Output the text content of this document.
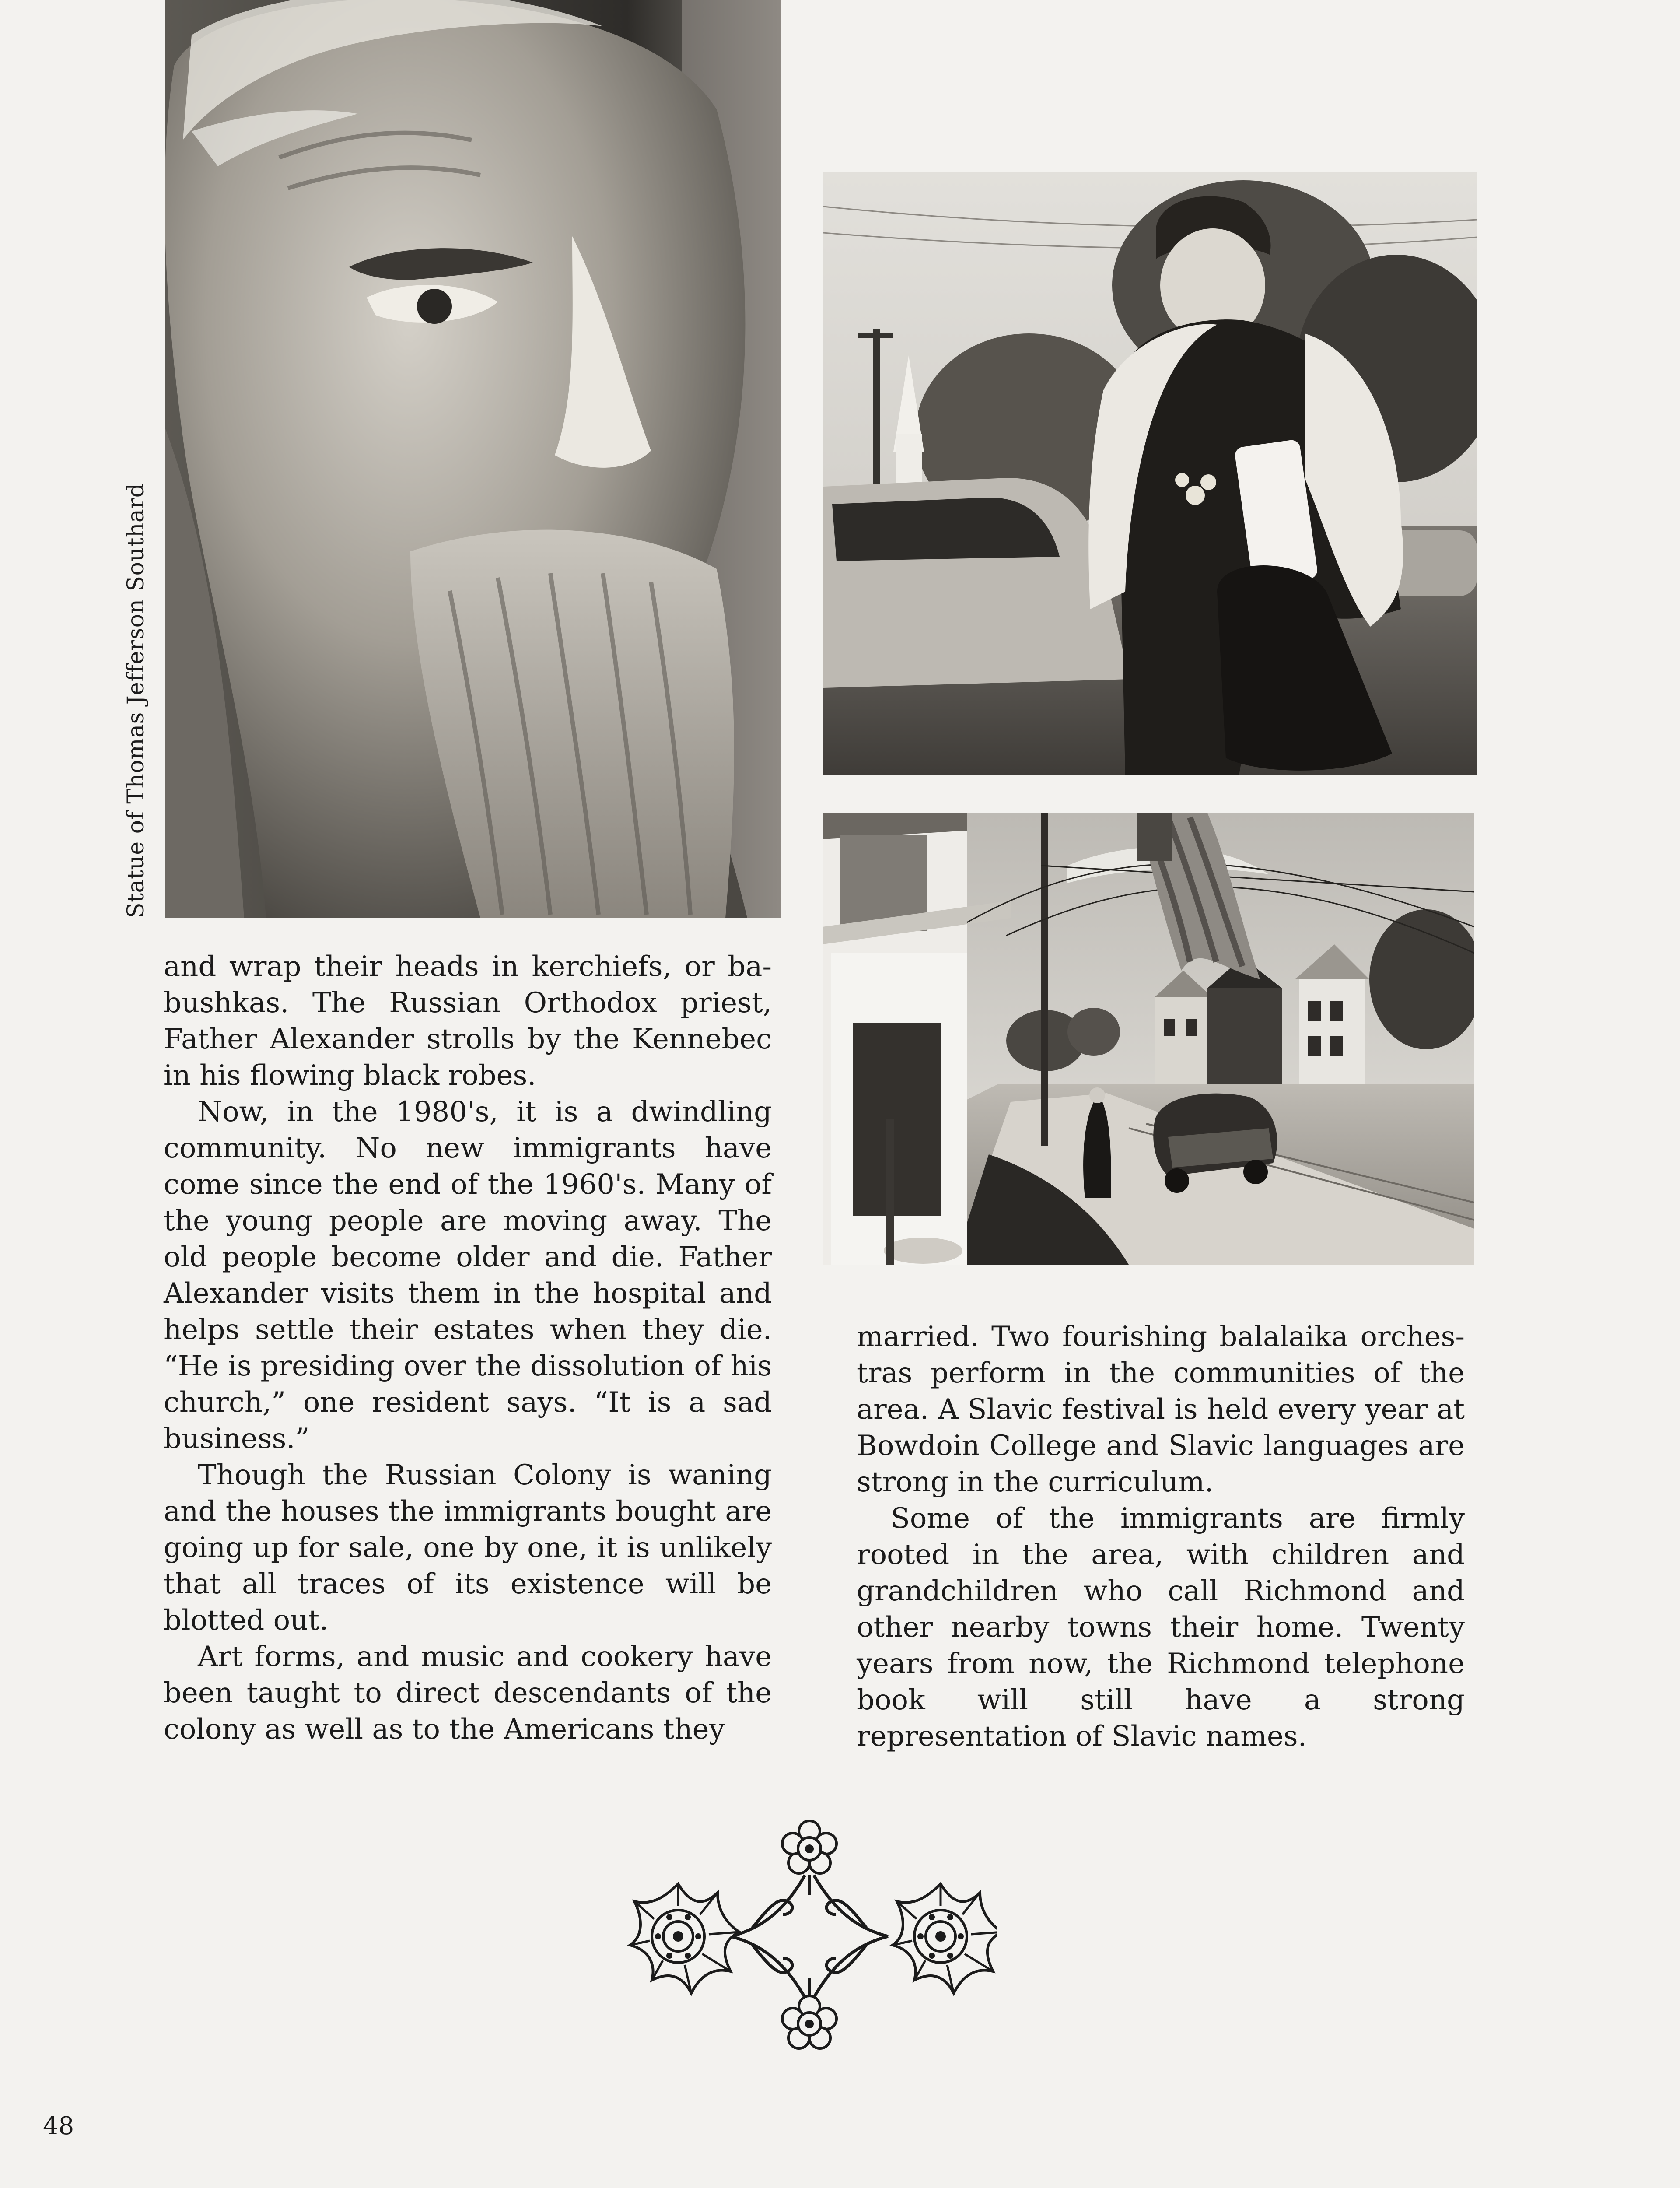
Statue of Thomas Jefferson Southard

and wrap their heads in kerchiefs, or babushkas. The Russian Orthodox priest, Father Alexander strolls by the Kennebec in his flowing black robes.

Now, in the 1980's, it is a dwindling community. No new immigrants have come since the end of the 1960's. Many of the young people are moving away. The old people become older and die. Father Alexander visits them in the hospital and helps settle their estates when they die. “He is presiding over the dissolution of his church,” one resident says. “It is a sad business.”

Though the Russian Colony is waning and the houses the immigrants bought are going up for sale, one by one, it is unlikely that all traces of its existence will be blotted out.

Art forms, and music and cookery have been taught to direct descendants of the colony as well as to the Americans they

married. Two fourishing balalaika orchestras perform in the communities of the area. A Slavic festival is held every year at Bowdoin College and Slavic languages are strong in the curriculum.

Some of the immigrants are firmly rooted in the area, with children and grandchildren who call Richmond and other nearby towns their home. Twenty years from now, the Richmond telephone book will still have a strong representation of Slavic names.

48
